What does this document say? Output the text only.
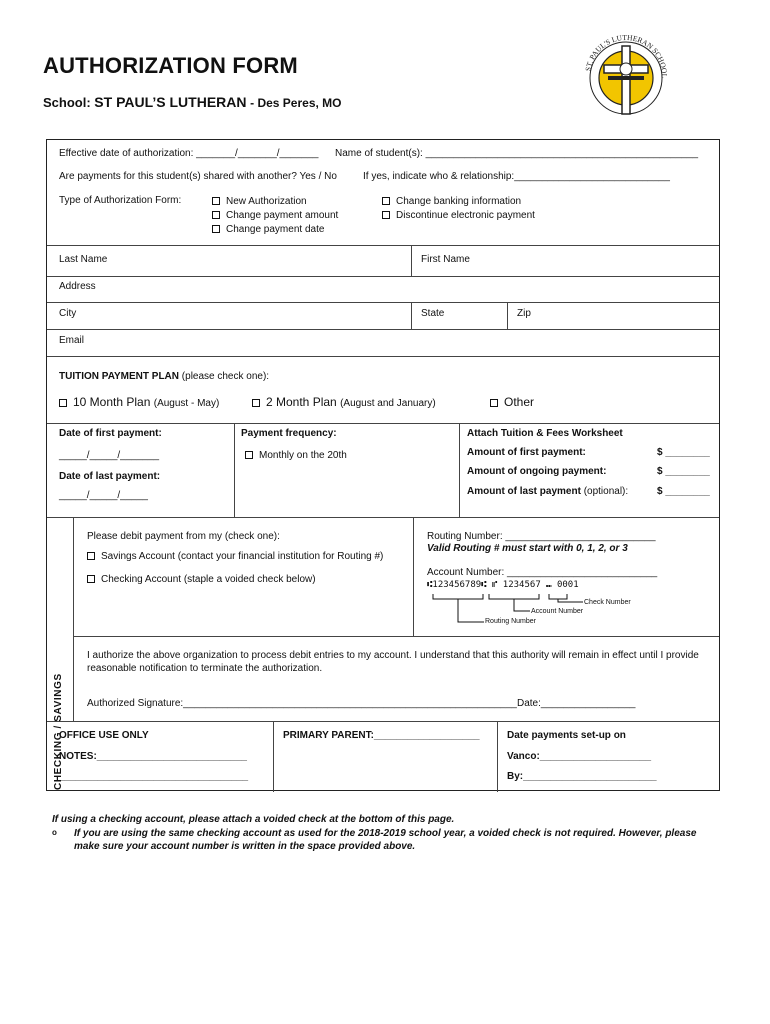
AUTHORIZATION FORM
School: ST PAUL’S LUTHERAN - Des Peres, MO
ST. PAUL'S LUTHERAN SCHOOL
Effective date of authorization: _______/_______/_______ Name of student(s): _________________________________________________
Are payments for this student(s) shared with another? Yes / No	If yes, indicate who & relationship:____________________________
Type of Authorization Form:	New Authorization
Change payment amount
Change payment date
Change banking information
Discontinue electronic payment
Last Name	First Name
Address
City	State	Zip
Email
TUITION PAYMENT PLAN (please check one):
10 Month Plan (August - May)	2 Month Plan (August and January)	Other
Date of first payment:
_____/_____/_______
Date of last payment:
_____/_____/_____
Payment frequency:
Monthly on the 20th
Attach Tuition & Fees Worksheet
Amount of first payment:	$ ________
Amount of ongoing payment:	$ ________
Amount of last payment (optional):	$ ________
CHECKING / SAVINGS
Please debit payment from my (check one):
Savings Account (contact your financial institution for Routing #)
Checking Account (staple a voided check below)
Routing Number: ___________________________
Valid Routing # must start with 0, 1, 2, or 3
Account Number: ___________________________
⑆123456789⑆ ⑈ 1234567 ⑉ 0001
Check Number
Account Number
Routing Number
I authorize the above organization to process debit entries to my account. I understand that this authority will remain in effect until I provide
reasonable notification to terminate the authorization.
Authorized Signature:____________________________________________________________ Date:_________________
OFFICE USE ONLY
NOTES:___________________________
__________________________________
PRIMARY PARENT:___________________	Date payments set-up on
Vanco:____________________
By:________________________
If using a checking account, please attach a voided check at the bottom of this page.
o If you are using the same checking account as used for the 2018-2019 school year, a voided check is not required. However, please
make sure your account number is written in the space provided above.
